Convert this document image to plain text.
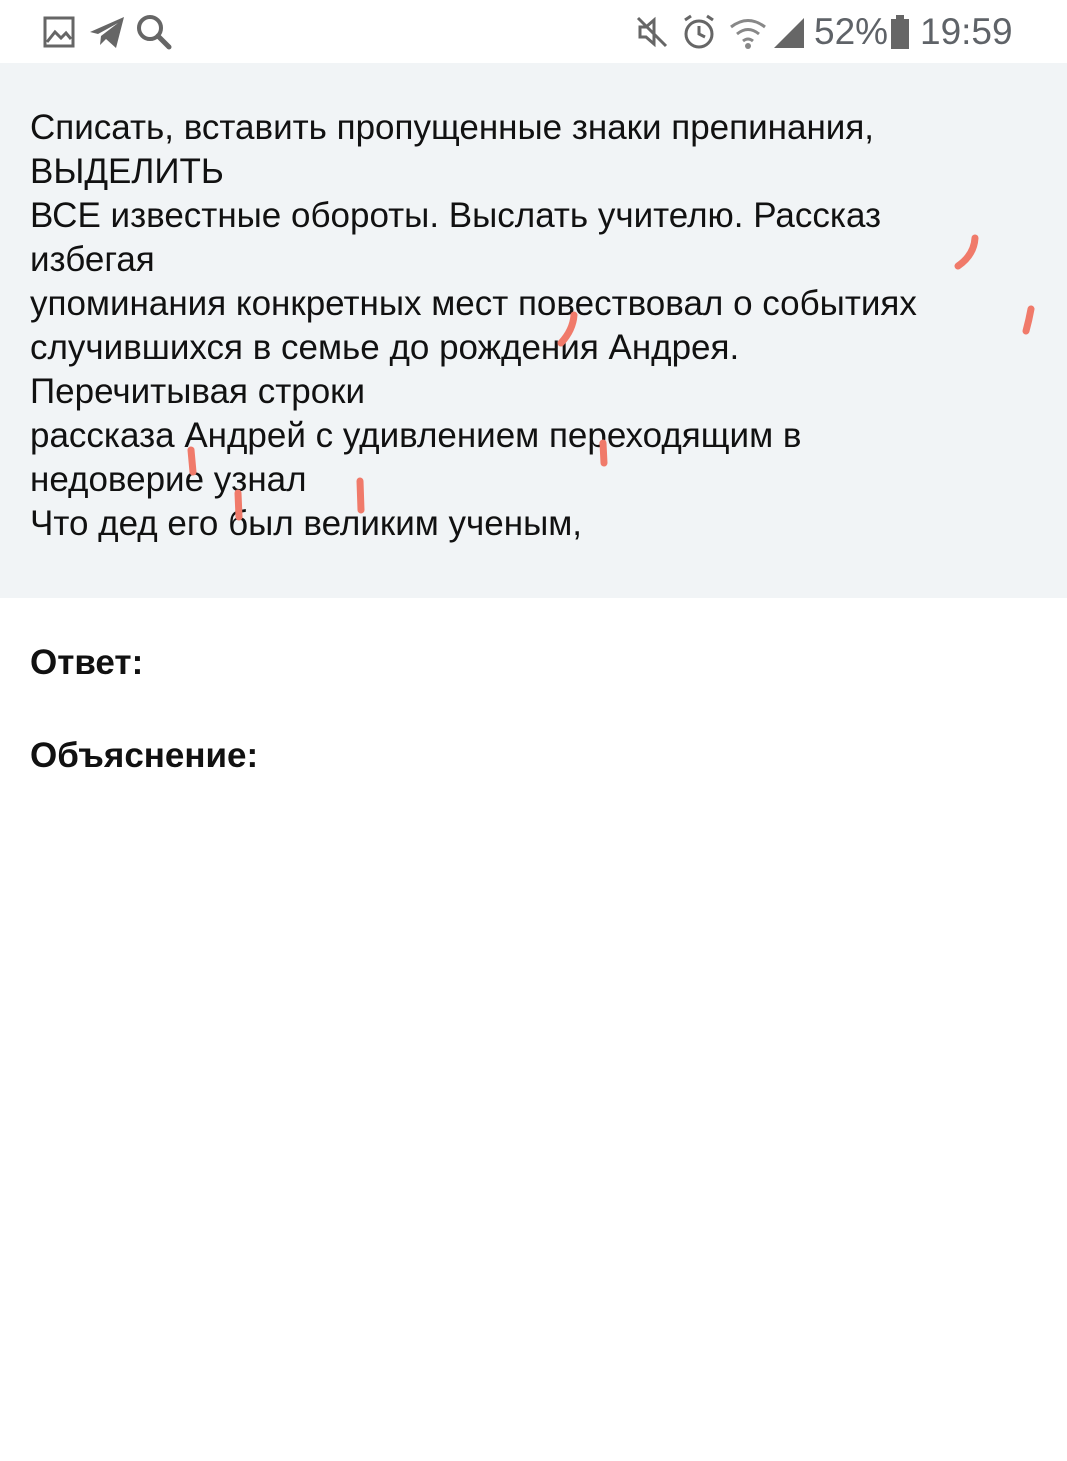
52% 19:59
Списать, вставить пропущенные знаки препинания,
ВЫДЕЛИТЬ
ВСЕ известные обороты. Выслать учителю. Рассказ
избегая
упоминания конкретных мест повествовал о событиях
случившихся в семье до рождения Андрея.
Перечитывая строки
рассказа Андрей с удивлением переходящим в
недоверие узнал
Что дед его был великим ученым,
Ответ:
Объяснение:
